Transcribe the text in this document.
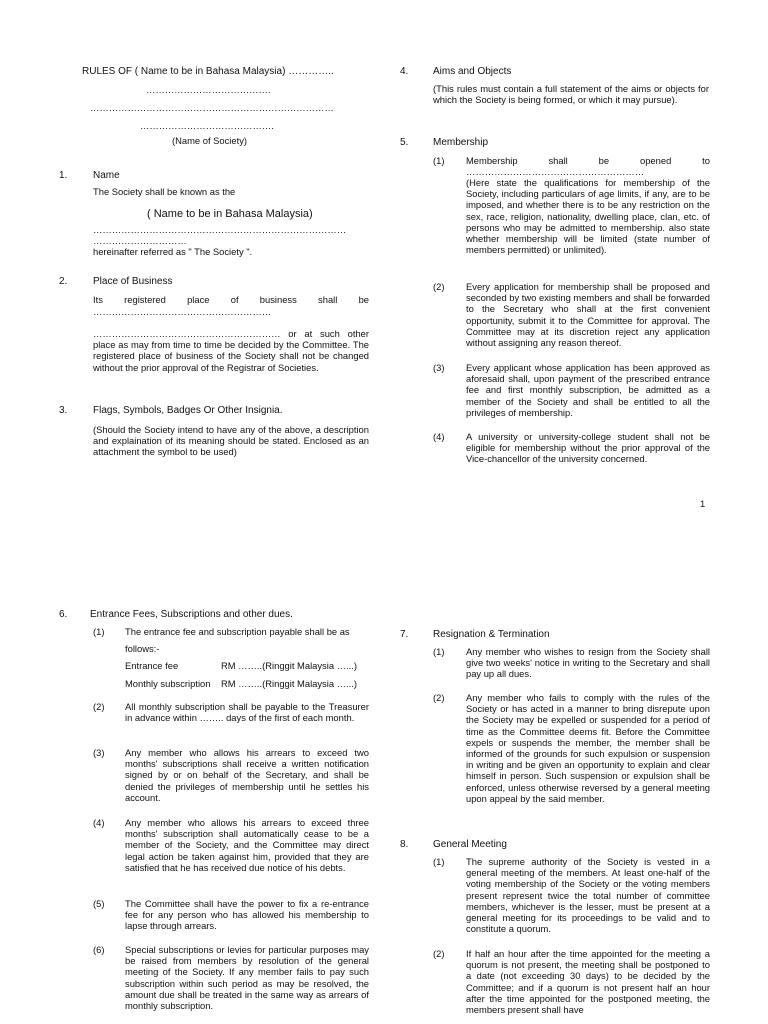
RULES OF ( Name to be in Bahasa Malaysia) …………..
………………………………….
……………………………………………………………………
…………………………………….
(Name of Society)
1.	Name
The Society shall be known as the
( Name to be in Bahasa Malaysia)
………………………………………………………………………
…………………………
hereinafter referred as " The Society ".
2.	Place of Business
Its registered place of business shall be
…………………………………………………
…………………………………………………… or at such other place as may from time to time be decided by the Committee. The registered place of business of the Society shall not be changed without the prior approval of the Registrar of Societies.
3.	Flags, Symbols, Badges Or Other Insignia.
(Should the Society intend to have any of the above, a description and explaination of its meaning should be stated. Enclosed as an attachment the symbol to be used)
4. Aims and Objects
(This rules must contain a full statement of the aims or objects for which the Society is being formed, or which it may pursue).
5. Membership
(1) Membership shall be opened to
…………………………………………………
(Here state the qualifications for membership of the Society, including particulars of age limits, if any, are to be imposed, and whether there is to be any restriction on the sex, race, religion, nationality, dwelling place, clan, etc. of persons who may be admitted to membership. also state whether membership will be limited (state number of members permitted) or unlimited).
(2) Every application for membership shall be proposed and seconded by two existing members and shall be forwarded to the Secretary who shall at the first convenient opportunity, submit it to the Committee for approval. The Committee may at its discretion reject any application without assigning any reason thereof.
(3) Every applicant whose application has been approved as aforesaid shall, upon payment of the prescribed entrance fee and first monthly subscription, be admitted as a member of the Society and shall be entitled to all the privileges of membership.
(4) A university or university-college student shall not be eligible for membership without the prior approval of the Vice-chancellor of the university concerned.
1
6. Entrance Fees, Subscriptions and other dues.
(1) The entrance fee and subscription payable shall be as
follows:-
Entrance fee	RM ……..(Ringgit Malaysia …...)
Monthly subscription RM ……..(Ringgit Malaysia …...)
(2) All monthly subscription shall be payable to the Treasurer in advance within …….. days of the first of each month.
(3) Any member who allows his arrears to exceed two months' subscriptions shall receive a written notification signed by or on behalf of the Secretary, and shall be denied the privileges of membership until he settles his account.
(4) Any member who allows his arrears to exceed three months' subscription shall automatically cease to be a member of the Society, and the Committee may direct legal action be taken against him, provided that they are satisfied that he has received due notice of his debts.
(5) The Committee shall have the power to fix a re-entrance fee for any person who has allowed his membership to lapse through arrears.
(6) Special subscriptions or levies for particular purposes may be raised from members by resolution of the general meeting of the Society. If any member fails to pay such subscription within such period as may be resolved, the amount due shall be treated in the same way as arrears of monthly subscription.
7. Resignation & Termination
(1) Any member who wishes to resign from the Society shall give two weeks' notice in writing to the Secretary and shall pay up all dues.
(2) Any member who fails to comply with the rules of the Society or has acted in a manner to bring disrepute upon the Society may be expelled or suspended for a period of time as the Committee deems fit. Before the Committee expels or suspends the member, the member shall be informed of the grounds for such expulsion or suspension in writing and be given an opportunity to explain and clear himself in person. Such suspension or expulsion shall be enforced, unless otherwise reversed by a general meeting upon appeal by the said member.
8. General Meeting
(1) The supreme authority of the Society is vested in a general meeting of the members. At least one-half of the voting membership of the Society or the voting members present represent twice the total number of committee members, whichever is the lesser, must be present at a general meeting for its proceedings to be valid and to constitute a quorum.
(2) If half an hour after the time appointed for the meeting a quorum is not present, the meeting shall be postponed to a date (not exceeding 30 days) to be decided by the Committee; and if a quorum is not present half an hour after the time appointed for the postponed meeting, the members present shall have
